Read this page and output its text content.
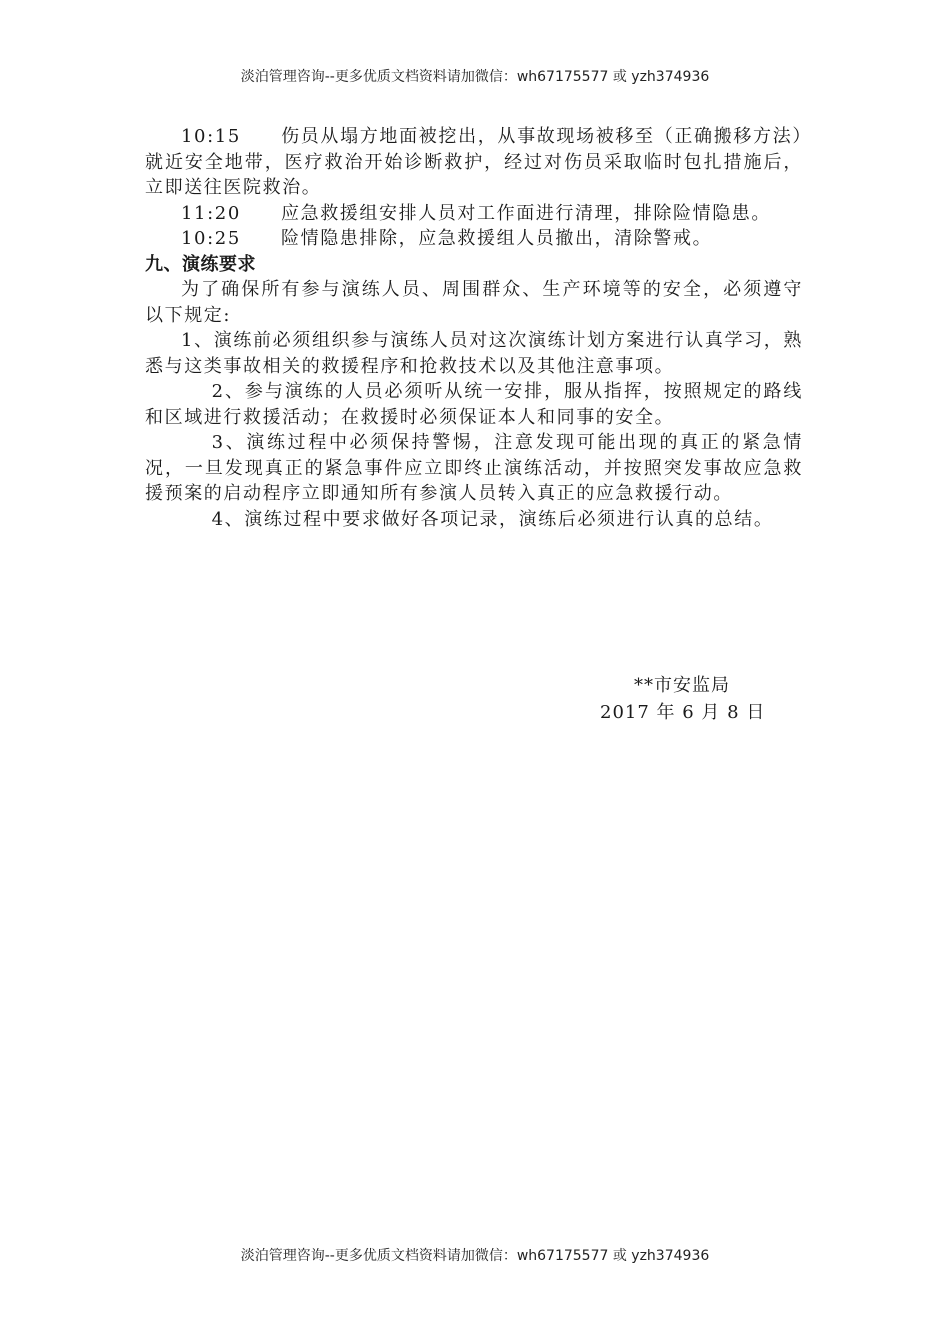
淡泊管理咨询--更多优质文档资料请加微信：wh67175577 或 yzh374936

10:15 伤员从塌方地面被挖出，从事故现场被移至（正确搬移方法）就近安全地带，医疗救治开始诊断救护，经过对伤员采取临时包扎措施后，立即送往医院救治。

11:20 应急救援组安排人员对工作面进行清理，排除险情隐患。

10:25 险情隐患排除，应急救援组人员撤出，清除警戒。

九、演练要求

为了确保所有参与演练人员、周围群众、生产环境等的安全，必须遵守以下规定:

1、演练前必须组织参与演练人员对这次演练计划方案进行认真学习，熟悉与这类事故相关的救援程序和抢救技术以及其他注意事项。

2、参与演练的人员必须听从统一安排，服从指挥，按照规定的路线和区域进行救援活动；在救援时必须保证本人和同事的安全。

3、演练过程中必须保持警惕，注意发现可能出现的真正的紧急情况，一旦发现真正的紧急事件应立即终止演练活动，并按照突发事故应急救援预案的启动程序立即通知所有参演人员转入真正的应急救援行动。

4、演练过程中要求做好各项记录，演练后必须进行认真的总结。

**市安监局
2017 年 6 月 8 日
淡泊管理咨询--更多优质文档资料请加微信：wh67175577 或 yzh374936
